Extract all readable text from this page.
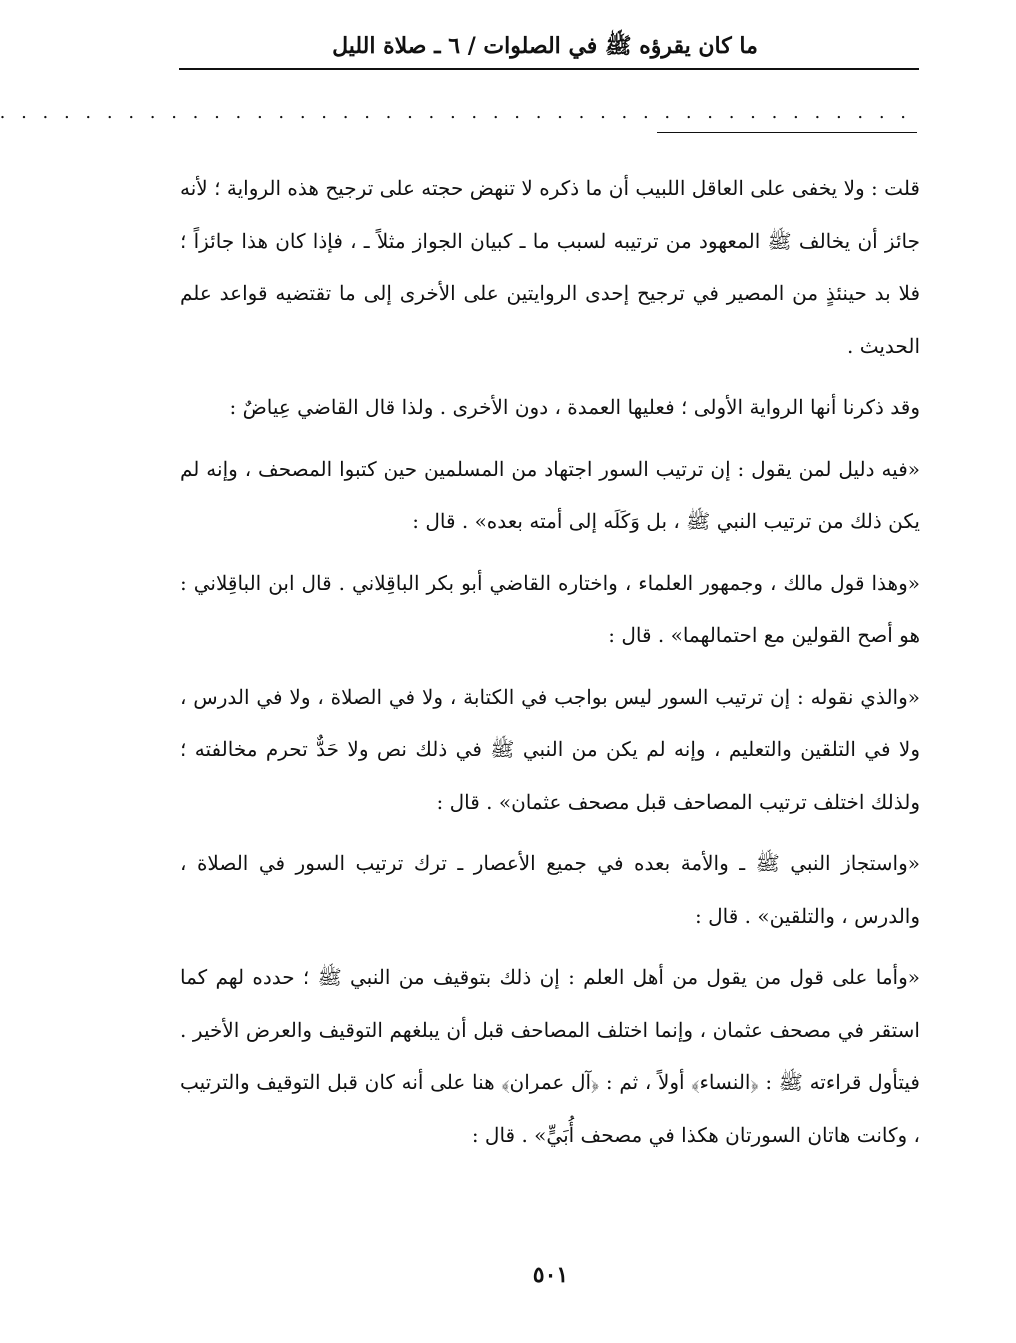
ما كان يقرؤه ﷺ في الصلوات / ٦ ـ صلاة الليل
. . . . . . . . . . . . . . . . . . . . . . . . . . . . . . . . . . . . . . . . . . .

قلت : ولا يخفى على العاقل اللبيب أن ما ذكره لا تنهض حجته على ترجيح هذه الرواية ؛ لأنه جائز أن يخالف ﷺ المعهود من ترتيبه لسبب ما ـ كبيان الجواز مثلاً ـ ، فإذا كان هذا جائزاً ؛ فلا بد حينئذٍ من المصير في ترجيح إحدى الروايتين على الأخرى إلى ما تقتضيه قواعد علم الحديث .

وقد ذكرنا أنها الرواية الأولى ؛ فعليها العمدة ، دون الأخرى . ولذا قال القاضي عِياضٌ :

«فيه دليل لمن يقول : إن ترتيب السور اجتهاد من المسلمين حين كتبوا المصحف ، وإنه لم يكن ذلك من ترتيب النبي ﷺ ، بل وَكَلَه إلى أمته بعده» . قال :

«وهذا قول مالك ، وجمهور العلماء ، واختاره القاضي أبو بكر الباقِلاني . قال ابن الباقِلاني : هو أصح القولين مع احتمالهما» . قال :

«والذي نقوله : إن ترتيب السور ليس بواجب في الكتابة ، ولا في الصلاة ، ولا في الدرس ، ولا في التلقين والتعليم ، وإنه لم يكن من النبي ﷺ في ذلك نص ولا حَدٌّ تحرم مخالفته ؛ ولذلك اختلف ترتيب المصاحف قبل مصحف عثمان» . قال :

«واستجاز النبي ﷺ ـ والأمة بعده في جميع الأعصار ـ ترك ترتيب السور في الصلاة ، والدرس ، والتلقين» . قال :

«وأما على قول من يقول من أهل العلم : إن ذلك بتوقيف من النبي ﷺ ؛ حدده لهم كما استقر في مصحف عثمان ، وإنما اختلف المصاحف قبل أن يبلغهم التوقيف والعرض الأخير . فيتأول قراءته ﷺ : ﴿النساء﴾ أولاً ، ثم : ﴿آل عمران﴾ هنا على أنه كان قبل التوقيف والترتيب ، وكانت هاتان السورتان هكذا في مصحف أُبَيٍّ» . قال :

٥٠١
